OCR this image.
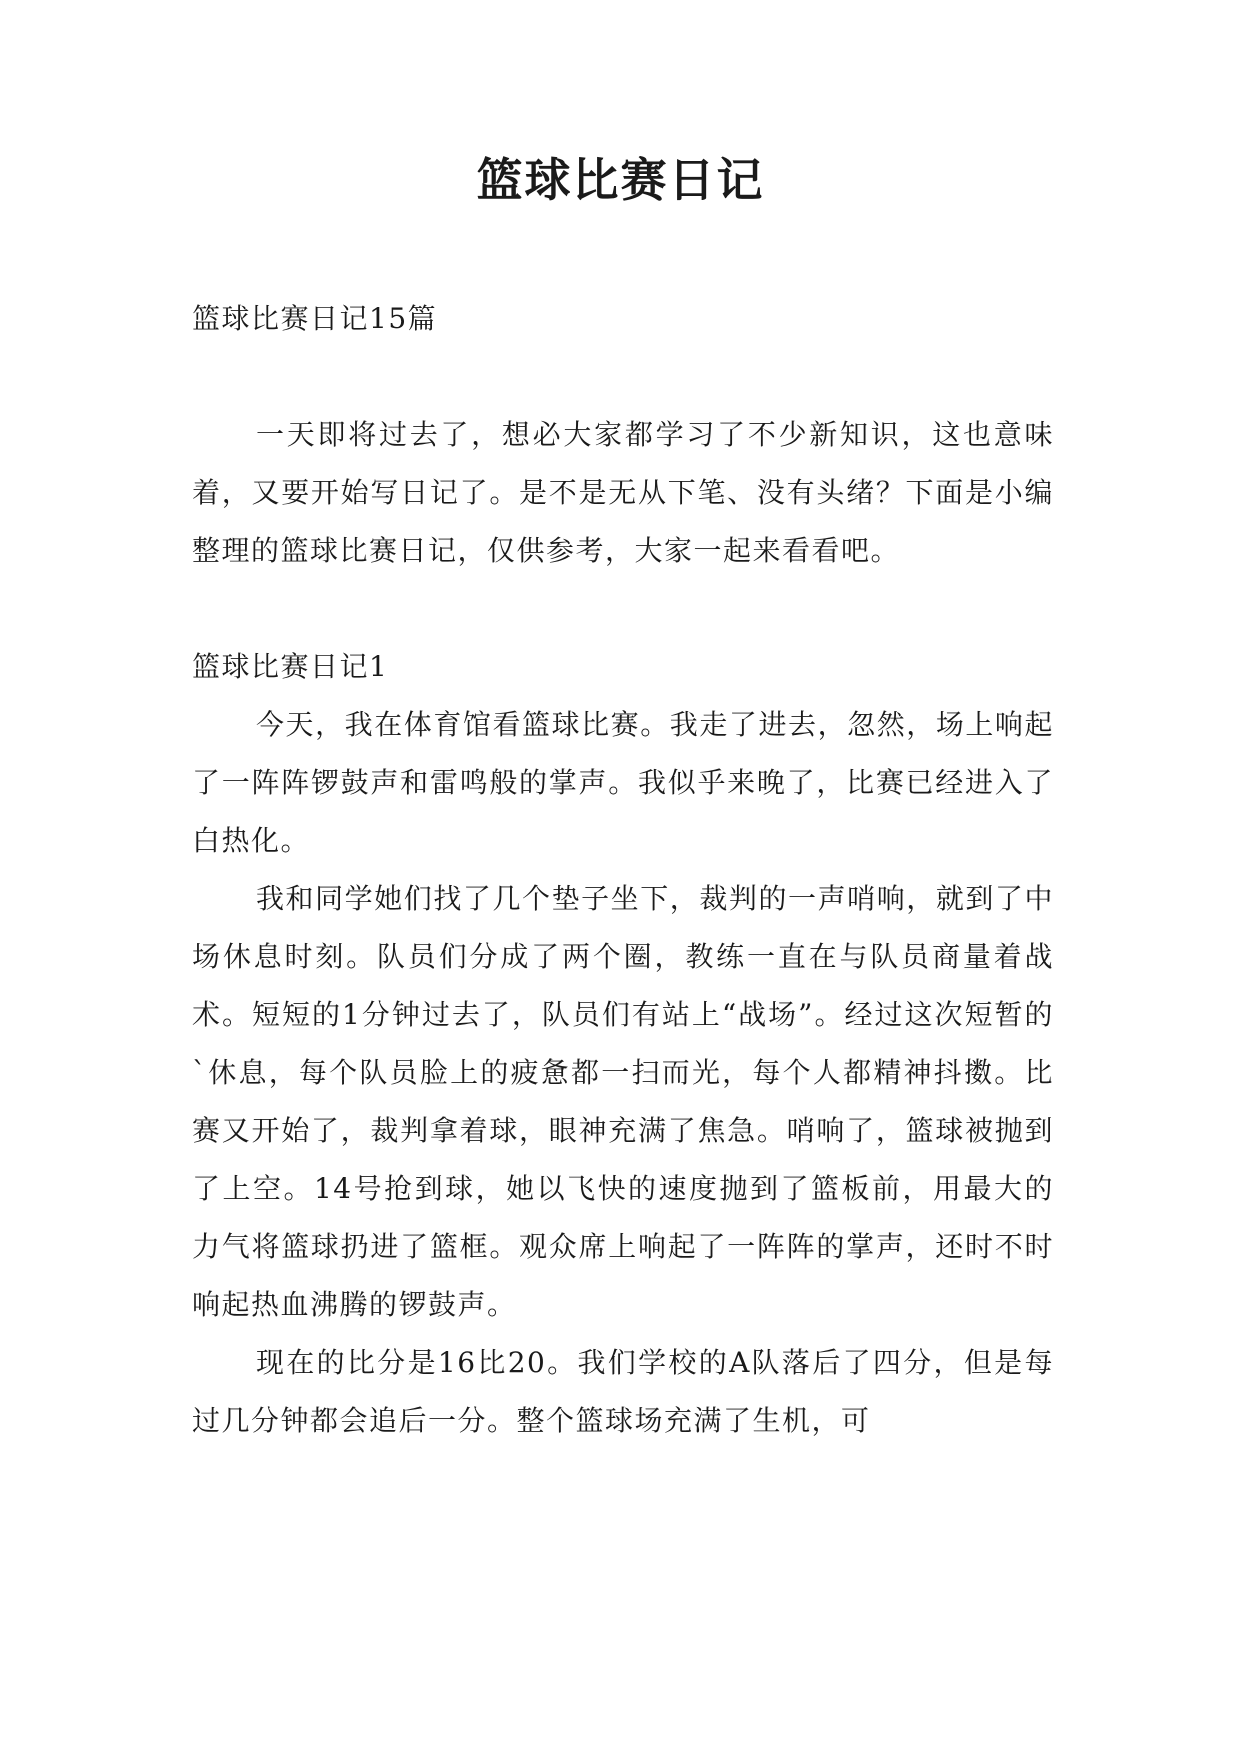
篮球比赛日记

篮球比赛日记15篇

一天即将过去了，想必大家都学习了不少新知识，这也意味着，又要开始写日记了。是不是无从下笔、没有头绪？下面是小编整理的篮球比赛日记，仅供参考，大家一起来看看吧。

篮球比赛日记1

今天，我在体育馆看篮球比赛。我走了进去，忽然，场上响起了一阵阵锣鼓声和雷鸣般的掌声。我似乎来晚了，比赛已经进入了白热化。

我和同学她们找了几个垫子坐下，裁判的一声哨响，就到了中场休息时刻。队员们分成了两个圈，教练一直在与队员商量着战术。短短的1分钟过去了，队员们有站上“战场”。经过这次短暂的`休息，每个队员脸上的疲惫都一扫而光，每个人都精神抖擞。比赛又开始了，裁判拿着球，眼神充满了焦急。哨响了，篮球被抛到了上空。14号抢到球，她以飞快的速度抛到了篮板前，用最大的力气将篮球扔进了篮框。观众席上响起了一阵阵的掌声，还时不时响起热血沸腾的锣鼓声。

现在的比分是16比20。我们学校的A队落后了四分，但是每过几分钟都会追后一分。整个篮球场充满了生机，可
